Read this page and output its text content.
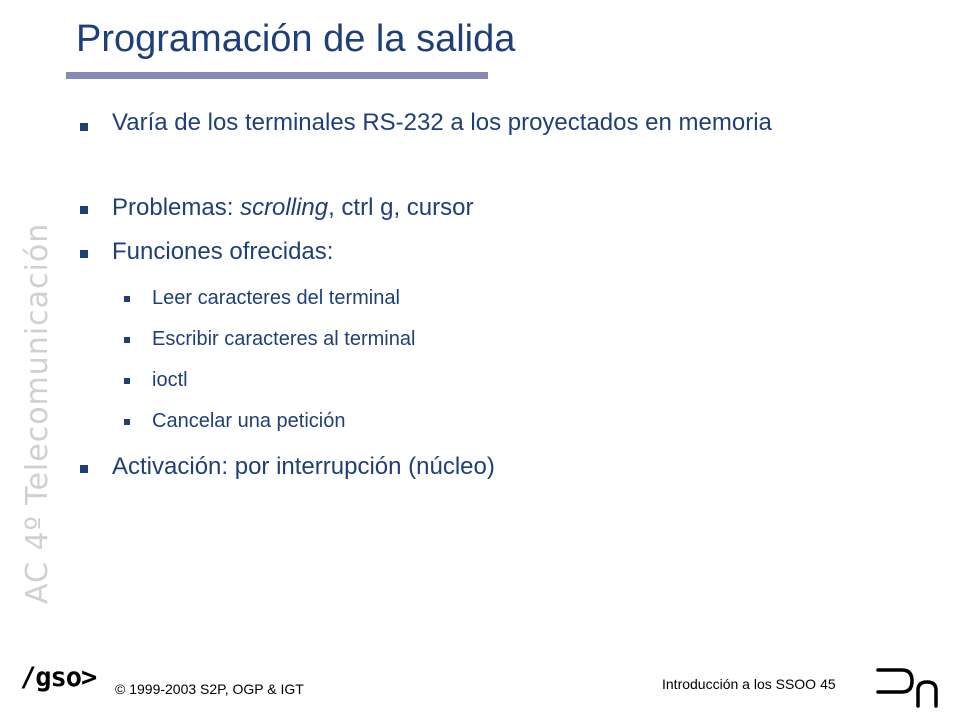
Programación de la salida
AC 4º Telecomunicación
Varía de los terminales RS-232 a los proyectados en memoria
Problemas: scrolling, ctrl g, cursor
Funciones ofrecidas:
Leer caracteres del terminal
Escribir caracteres al terminal
ioctl
Cancelar una petición
Activación: por interrupción (núcleo)
/gso> © 1999-2003 S2P, OGP & IGT	Introducción a los SSOO 45
